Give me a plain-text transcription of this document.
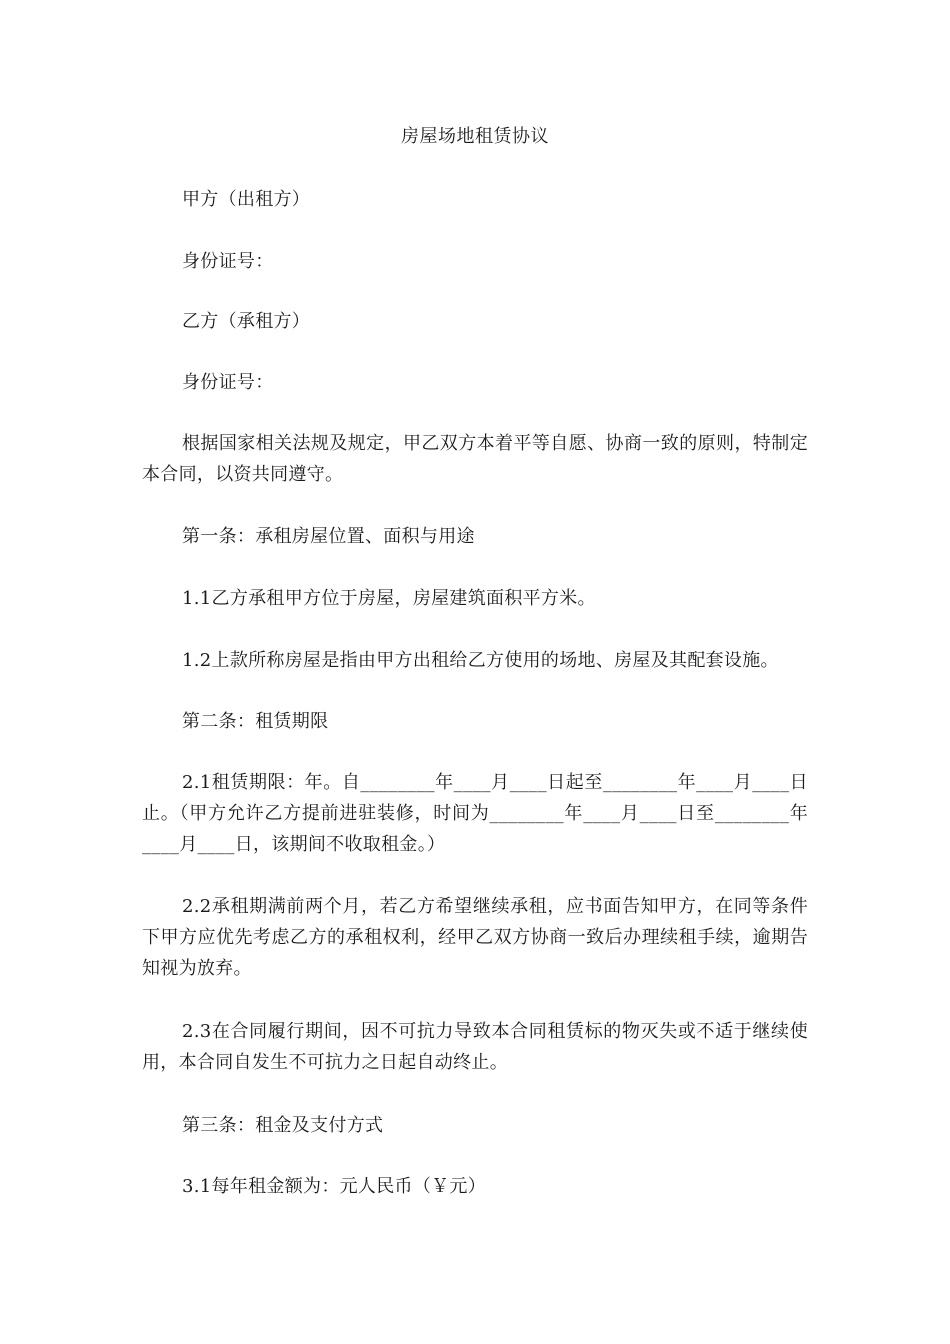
房屋场地租赁协议

甲方（出租方）

身份证号：

乙方（承租方）

身份证号：

根据国家相关法规及规定，甲乙双方本着平等自愿、协商一致的原则，特制定本合同，以资共同遵守。

第一条：承租房屋位置、面积与用途

1.1乙方承租甲方位于房屋，房屋建筑面积平方米。

1.2上款所称房屋是指由甲方出租给乙方使用的场地、房屋及其配套设施。

第二条：租赁期限

2.1租赁期限：年。自________年____月____日起至________年____月____日止。（甲方允许乙方提前进驻装修，时间为________年____月____日至________年____月____日，该期间不收取租金。）

2.2承租期满前两个月，若乙方希望继续承租，应书面告知甲方，在同等条件下甲方应优先考虑乙方的承租权利，经甲乙双方协商一致后办理续租手续，逾期告知视为放弃。

2.3在合同履行期间，因不可抗力导致本合同租赁标的物灭失或不适于继续使用，本合同自发生不可抗力之日起自动终止。

第三条：租金及支付方式

3.1每年租金额为：元人民币（￥元）
